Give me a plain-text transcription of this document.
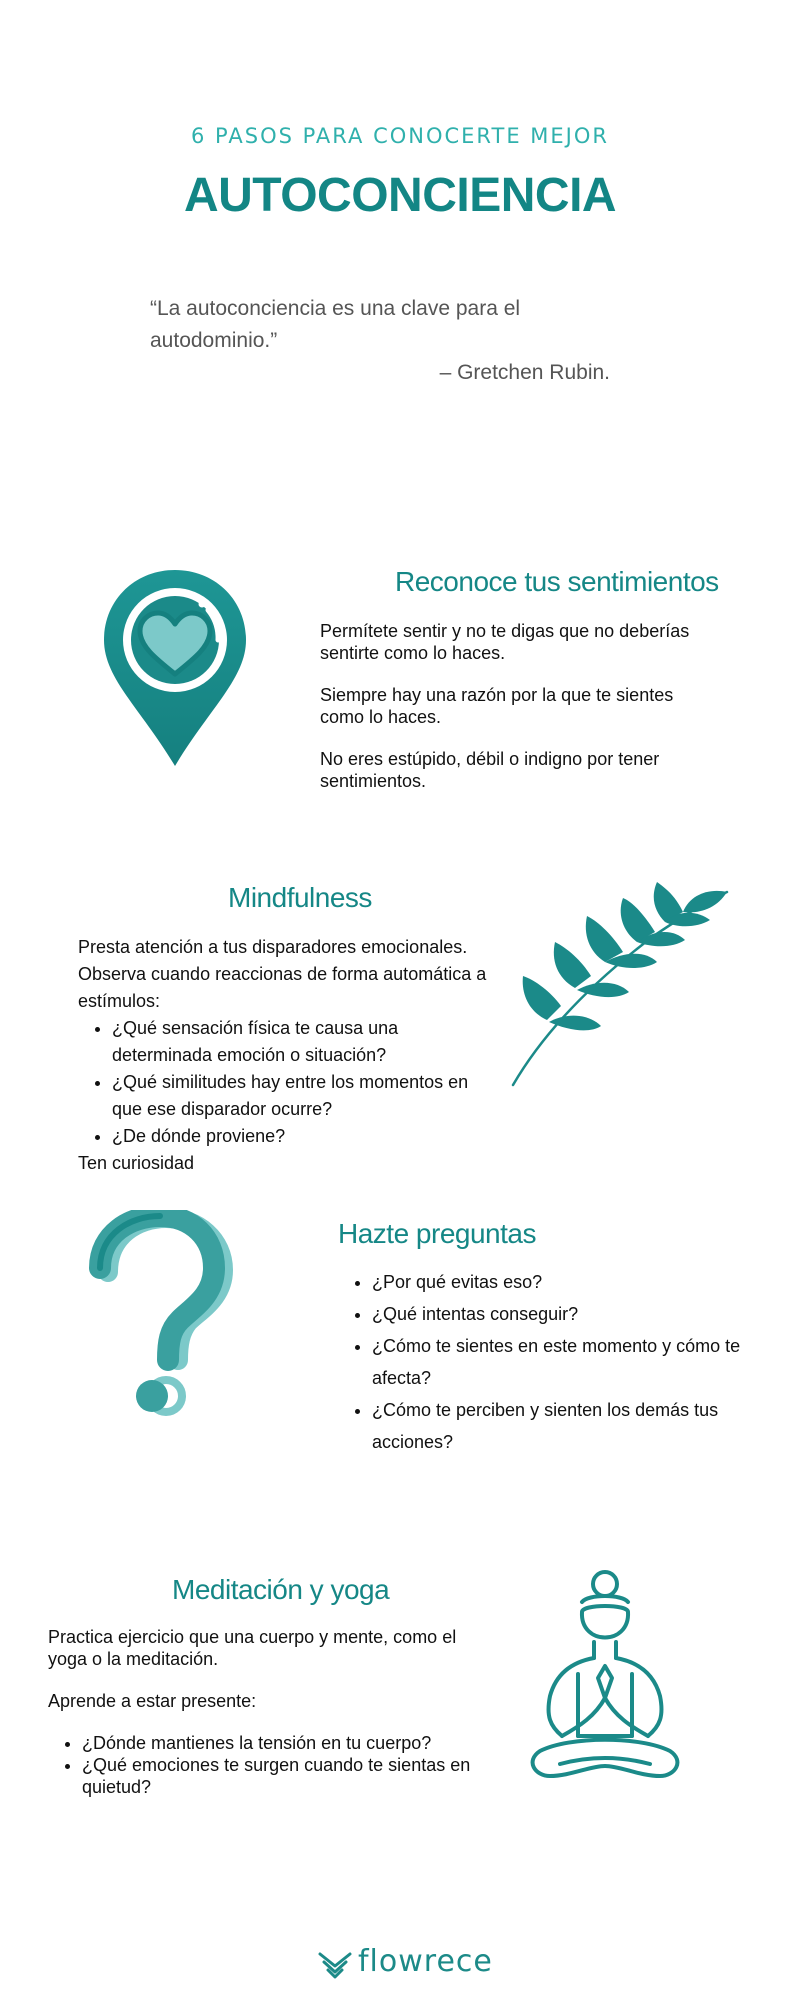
6 PASOS PARA CONOCERTE MEJOR
AUTOCONCIENCIA
“La autoconciencia es una clave para el autodominio.”
– Gretchen Rubin.
Reconoce tus sentimientos

Permítete sentir y no te digas que no deberías sentirte como lo haces.

Siempre hay una razón por la que te sientes como lo haces.

No eres estúpido, débil o indigno por tener sentimientos.

Mindfulness
Presta atención a tus disparadores emocionales.
Observa cuando reaccionas de forma automática a estímulos:
• ¿Qué sensación física te causa una determinada emoción o situación?
• ¿Qué similitudes hay entre los momentos en que ese disparador ocurre?
• ¿De dónde proviene?
Ten curiosidad
Hazte preguntas
• ¿Por qué evitas eso?
• ¿Qué intentas conseguir?
• ¿Cómo te sientes en este momento y cómo te afecta?
• ¿Cómo te perciben y sienten los demás tus acciones?
Meditación y yoga

Practica ejercicio que una cuerpo y mente, como el yoga o la meditación.

Aprende a estar presente:

• ¿Dónde mantienes la tensión en tu cuerpo?
• ¿Qué emociones te surgen cuando te sientas en quietud?
flowrece
